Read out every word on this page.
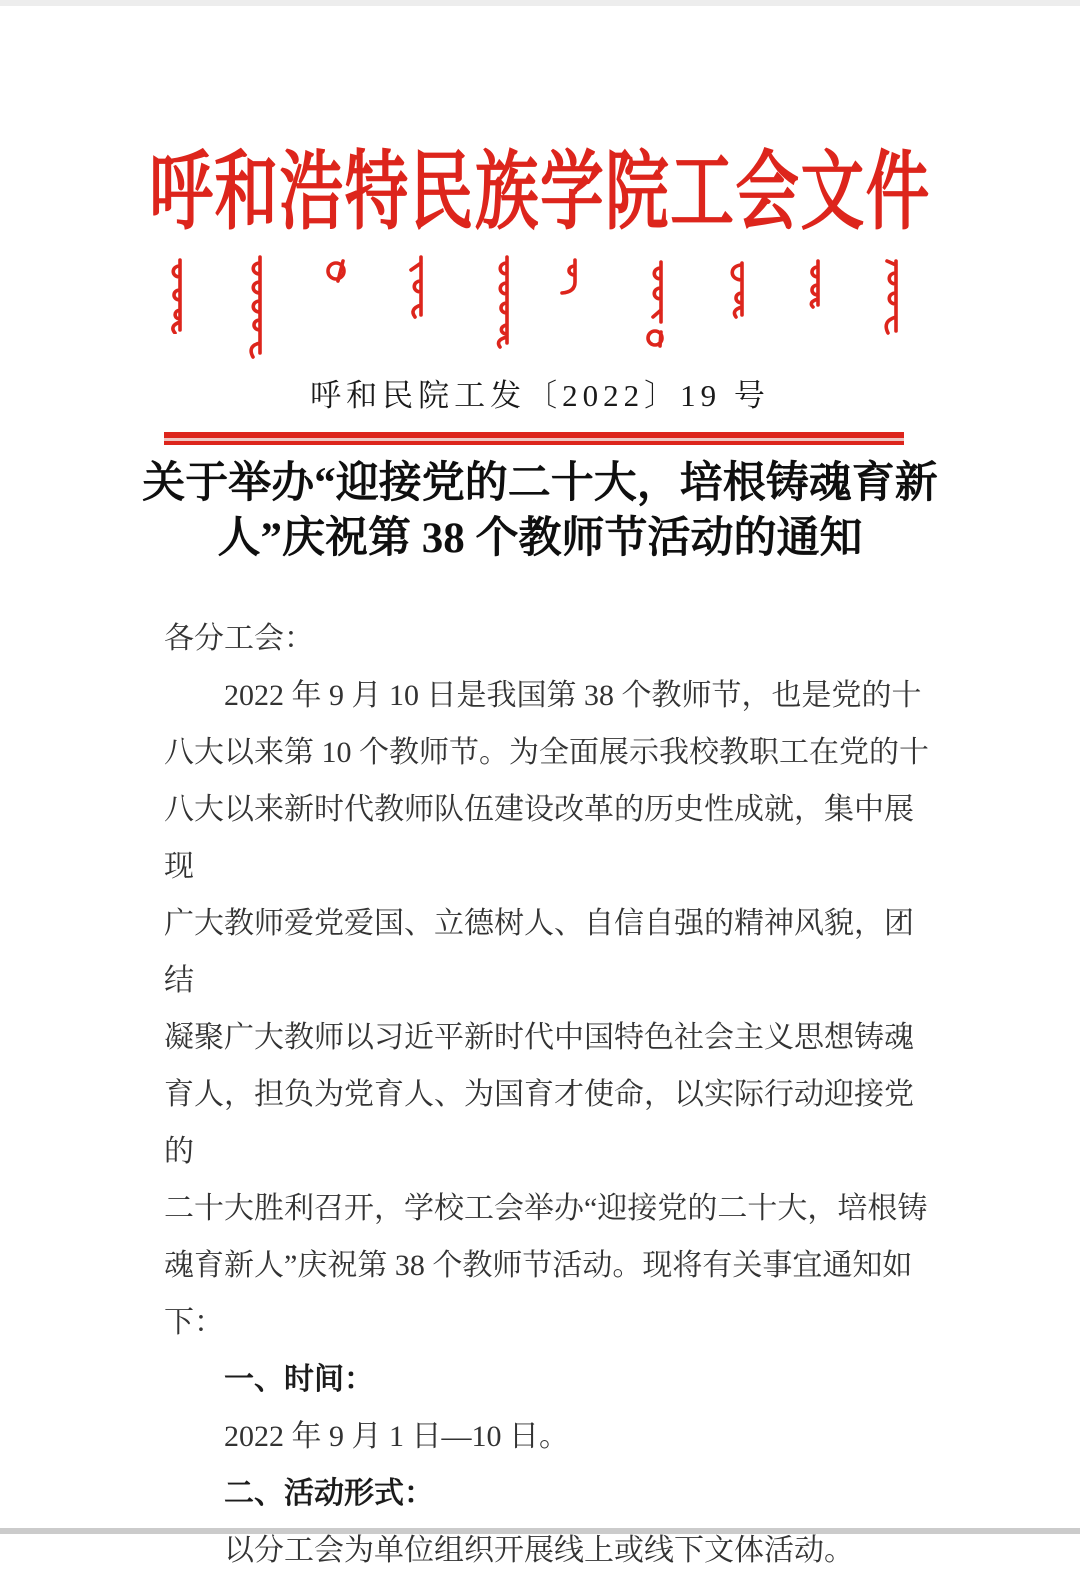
呼和浩特民族学院工会文件
呼和民院工发〔2022〕19 号
关于举办“迎接党的二十大，培根铸魂育新
人”庆祝第 38 个教师节活动的通知
各分工会：
2022 年 9 月 10 日是我国第 38 个教师节，也是党的十
八大以来第 10 个教师节。为全面展示我校教职工在党的十
八大以来新时代教师队伍建设改革的历史性成就，集中展现
广大教师爱党爱国、立德树人、自信自强的精神风貌，团结
凝聚广大教师以习近平新时代中国特色社会主义思想铸魂
育人，担负为党育人、为国育才使命，以实际行动迎接党的
二十大胜利召开，学校工会举办“迎接党的二十大，培根铸
魂育新人”庆祝第 38 个教师节活动。现将有关事宜通知如
下：
一、时间：
2022 年 9 月 1 日—10 日。
二、活动形式：
以分工会为单位组织开展线上或线下文体活动。
